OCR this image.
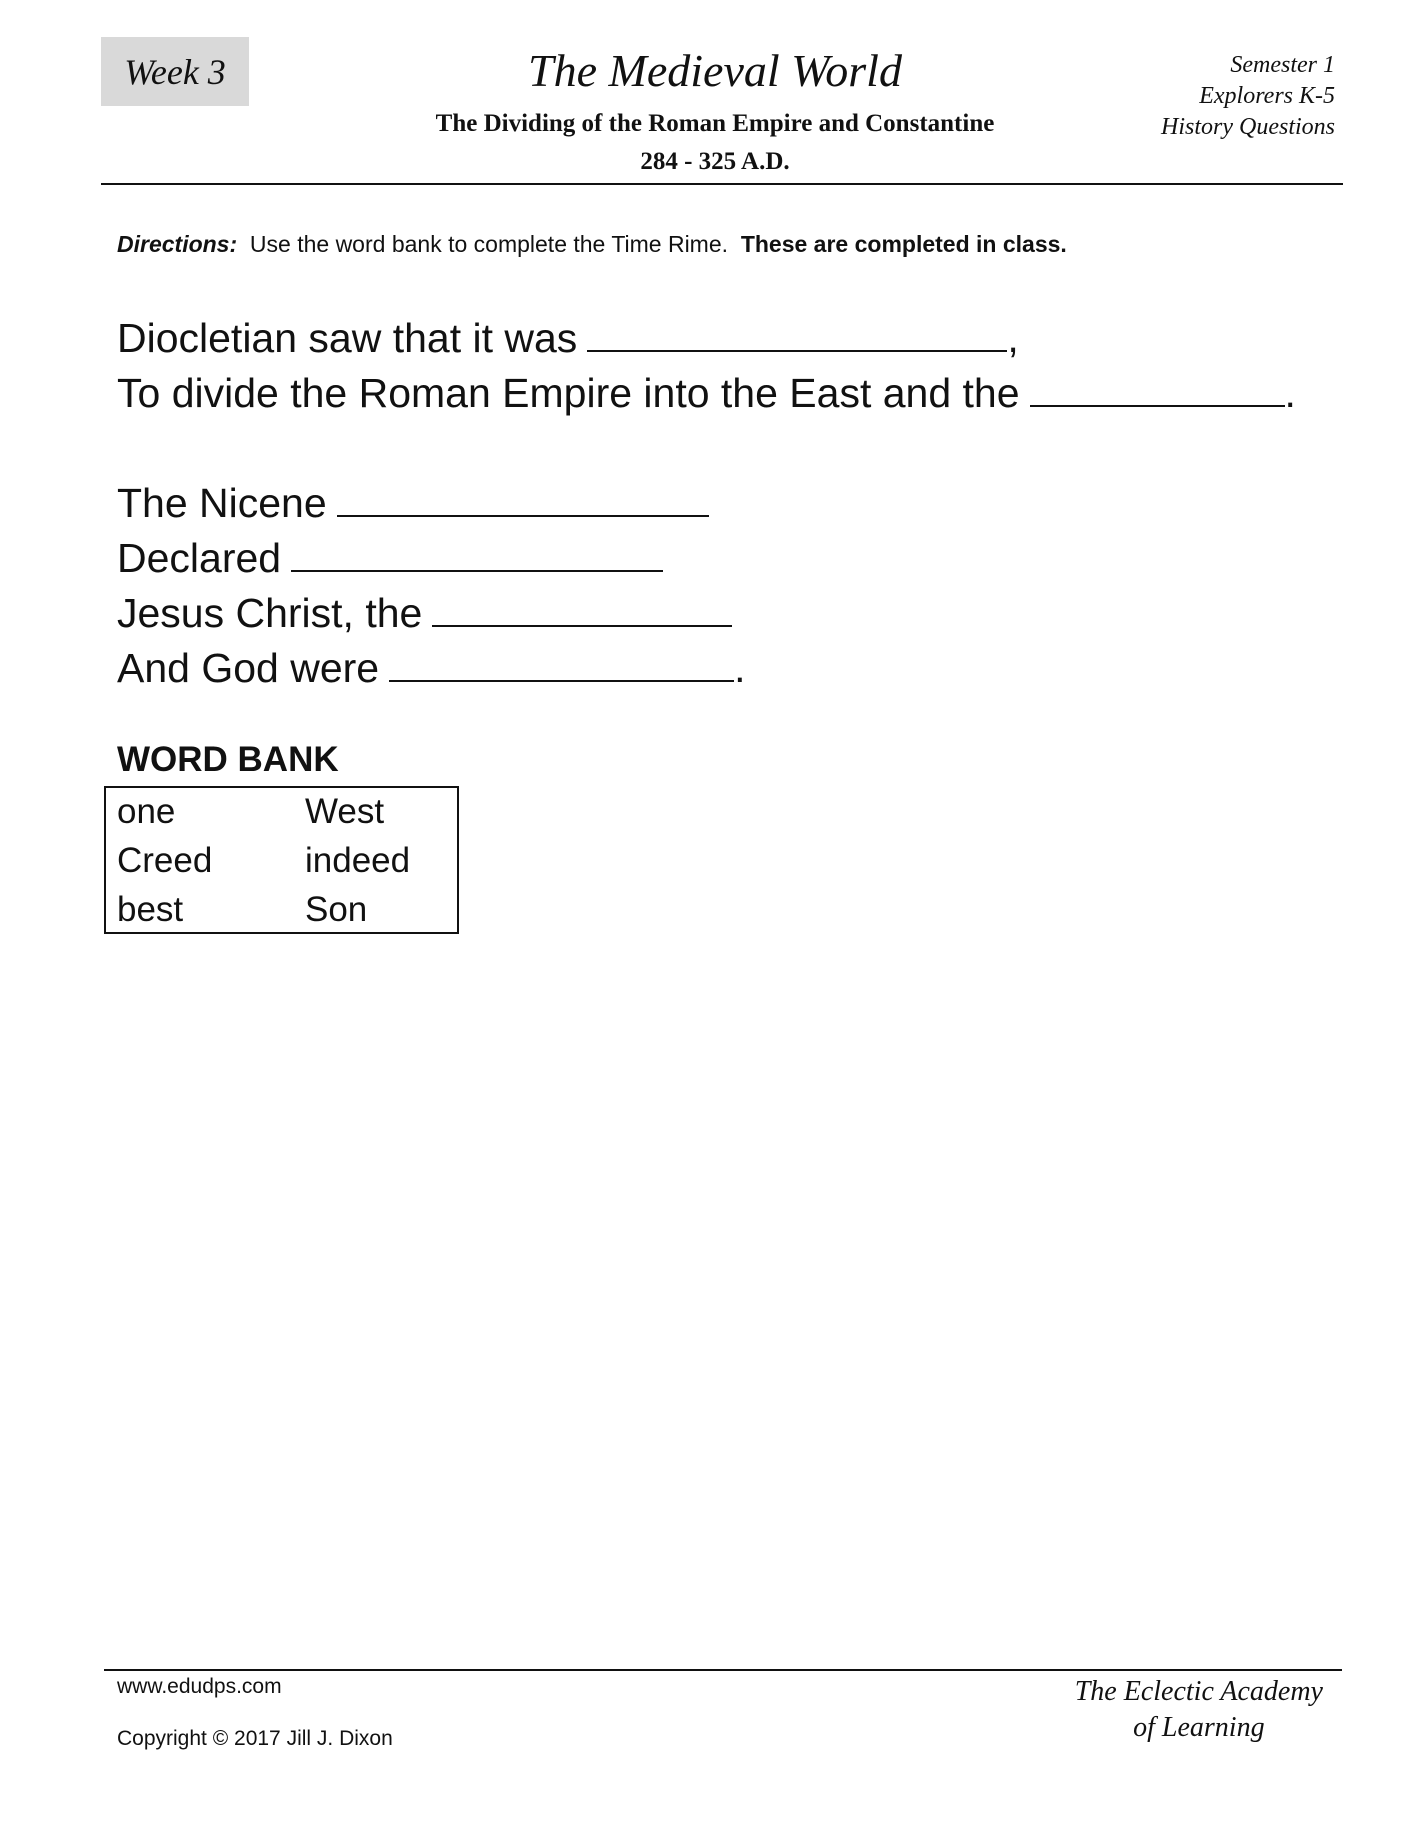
Week 3	The Medieval World
The Dividing of the Roman Empire and Constantine
284 - 325 A.D.
Semester 1
Explorers K-5
History Questions
Directions: Use the word bank to complete the Time Rime. These are completed in class.
Diocletian saw that it was	,
To divide the Roman Empire into the East and the	.
The Nicene
Declared
Jesus Christ, the
And God were	.
WORD BANK
one	West
Creed	indeed
best	Son
www.edudps.com
Copyright © 2017 Jill J. Dixon
The Eclectic Academy
of Learning
